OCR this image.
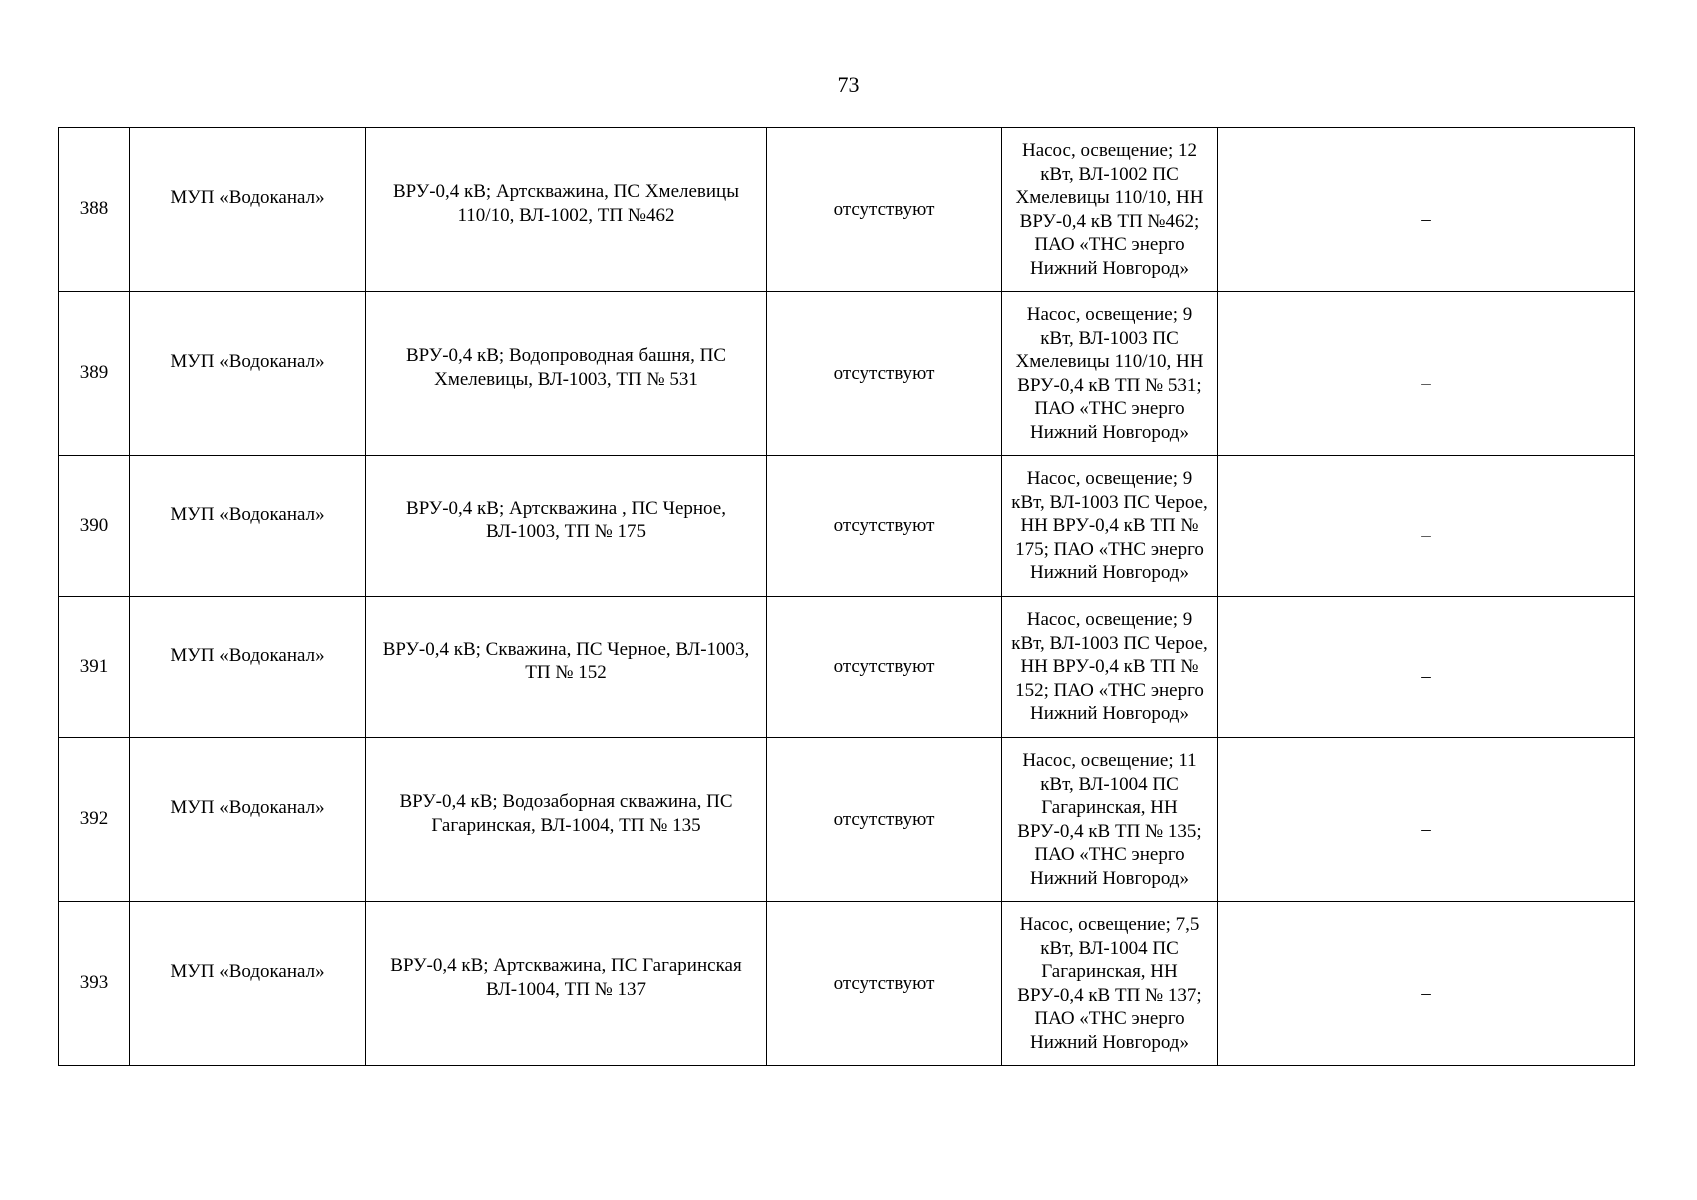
73
388	МУП «Водоканал»	ВРУ-0,4 кВ; Артскважина, ПС Хмелевицы 110/10, ВЛ-1002, ТП №462	отсутствуют	Насос, освещение; 12 кВт, ВЛ-1002 ПС Хмелевицы 110/10, НН ВРУ-0,4 кВ ТП №462; ПАО «ТНС энерго Нижний Новгород»	–

389	МУП «Водоканал»	ВРУ-0,4 кВ; Водопроводная башня, ПС Хмелевицы, ВЛ-1003, ТП № 531	отсутствуют	Насос, освещение; 9 кВт, ВЛ-1003 ПС Хмелевицы 110/10, НН ВРУ-0,4 кВ ТП № 531; ПАО «ТНС энерго Нижний Новгород»	–

390	МУП «Водоканал»	ВРУ-0,4 кВ; Артскважина , ПС Черное, ВЛ-1003, ТП № 175	отсутствуют	Насос, освещение; 9 кВт, ВЛ-1003 ПС Черое, НН ВРУ-0,4 кВ ТП № 175; ПАО «ТНС энерго Нижний Новгород»	–

391	МУП «Водоканал»	ВРУ-0,4 кВ; Скважина, ПС Черное, ВЛ-1003, ТП № 152	отсутствуют	Насос, освещение; 9 кВт, ВЛ-1003 ПС Черое, НН ВРУ-0,4 кВ ТП № 152; ПАО «ТНС энерго Нижний Новгород»	–

392	МУП «Водоканал»	ВРУ-0,4 кВ; Водозаборная скважина, ПС Гагаринская, ВЛ-1004, ТП № 135	отсутствуют	Насос, освещение; 11 кВт, ВЛ-1004 ПС Гагаринская, НН ВРУ-0,4 кВ ТП № 135; ПАО «ТНС энерго Нижний Новгород»	–

393	МУП «Водоканал»	ВРУ-0,4 кВ; Артскважина, ПС Гагаринская ВЛ-1004, ТП № 137	отсутствуют	Насос, освещение; 7,5 кВт, ВЛ-1004 ПС Гагаринская, НН ВРУ-0,4 кВ ТП № 137; ПАО «ТНС энерго Нижний Новгород»	–
